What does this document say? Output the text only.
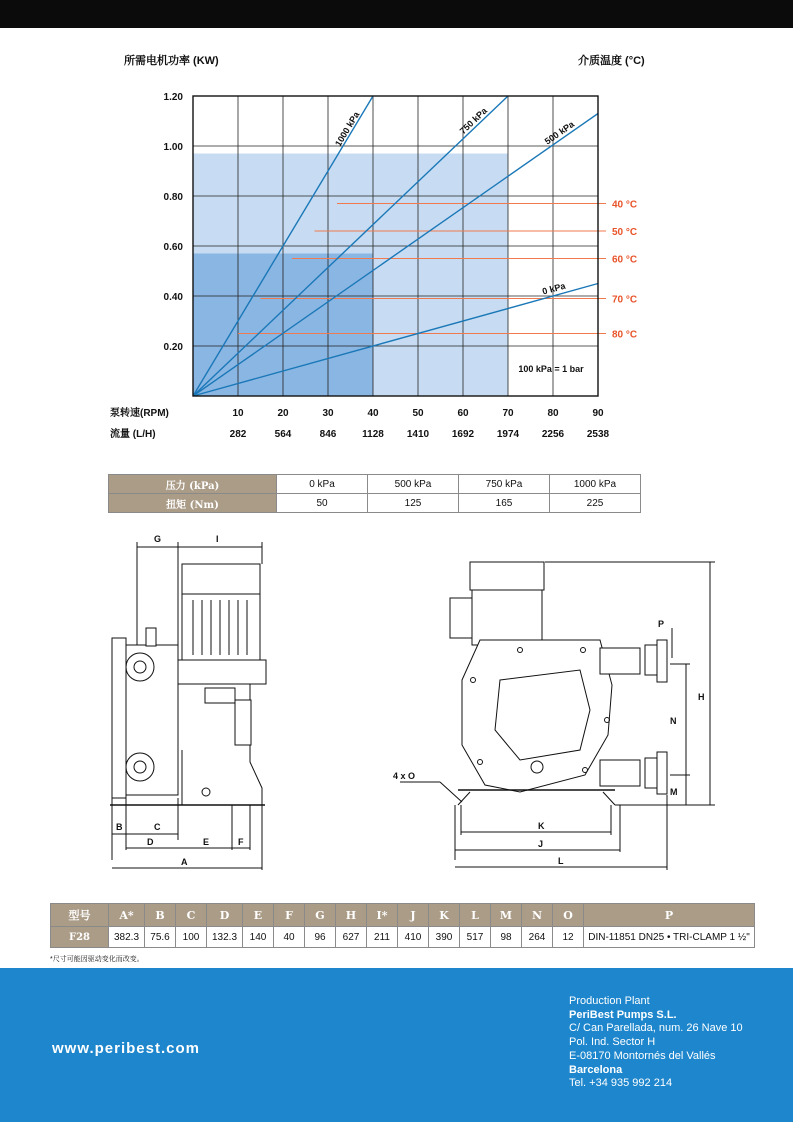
所需电机功率 (KW)	介质温度 (°C)
40 °C
50 °C
60 °C
70 °C
80 °C
1000 kPa	750 kPa	500 kPa
0 kPa
1.20
1.00
0.80
0.60
0.40
0.20
泵转速(RPM)	10	20	30	40	50	60	70	80	90
流量 (L/H)	282	564	846	1128 1410 1692 1974 2256 2538
100 kPa = 1 bar
压力 (kPa)	0 kPa	500 kPa	750 kPa	1000 kPa
扭矩 (Nm)	50	125	165	225
G	I
B	C
D	E	F
A
P
H
N
M
K
J
L
4 x O
型号	A*	B	C	D	E	F	G	H	I*	J	K	L	M	N	O	P
F28	382.3	75.6	100	132.3	140	40	96	627	211	410	390	517	98	264	12	DIN-11851 DN25 • TRI-CLAMP 1 ½"
*尺寸可能因驱动变化而改变。
www.peribest.com
Production Plant
PeriBest Pumps S.L.
C/ Can Parellada, num. 26 Nave 10
Pol. Ind. Sector H
E-08170 Montornés del Vallés
Barcelona
Tel. +34 935 992 214
